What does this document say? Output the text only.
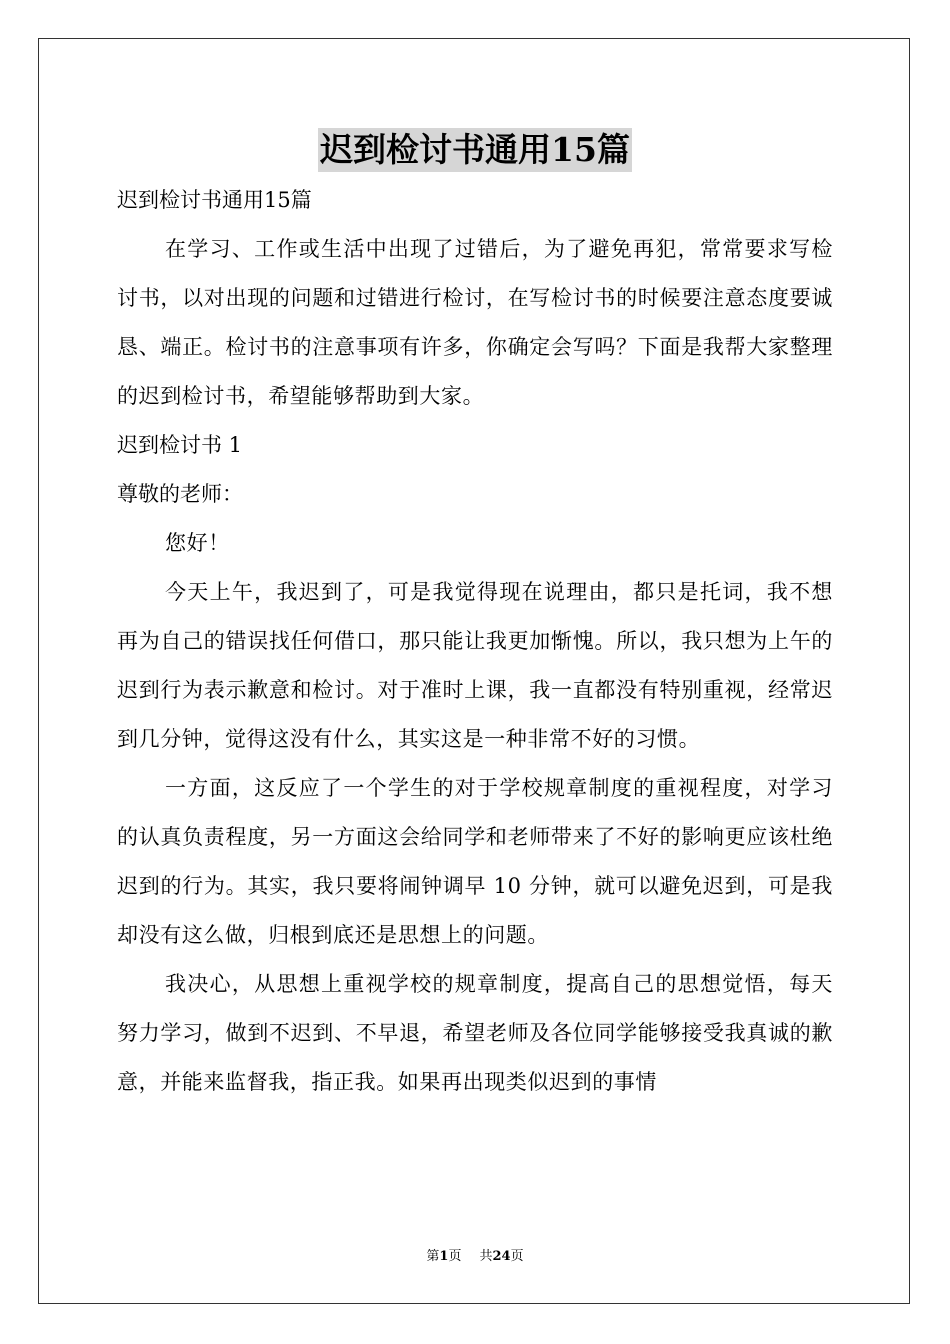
迟到检讨书通用15篇
迟到检讨书通用15篇

在学习、工作或生活中出现了过错后，为了避免再犯，常常要求写检讨书，以对出现的问题和过错进行检讨，在写检讨书的时候要注意态度要诚恳、端正。检讨书的注意事项有许多，你确定会写吗？下面是我帮大家整理的迟到检讨书，希望能够帮助到大家。

迟到检讨书 1
尊敬的老师：

您好！

今天上午，我迟到了，可是我觉得现在说理由，都只是托词，我不想再为自己的错误找任何借口，那只能让我更加惭愧。所以，我只想为上午的迟到行为表示歉意和检讨。对于准时上课，我一直都没有特别重视，经常迟到几分钟，觉得这没有什么，其实这是一种非常不好的习惯。

一方面，这反应了一个学生的对于学校规章制度的重视程度，对学习的认真负责程度，另一方面这会给同学和老师带来了不好的影响更应该杜绝迟到的行为。其实，我只要将闹钟调早 10 分钟，就可以避免迟到，可是我却没有这么做，归根到底还是思想上的问题。

我决心，从思想上重视学校的规章制度，提高自己的思想觉悟，每天努力学习，做到不迟到、不早退，希望老师及各位同学能够接受我真诚的歉意，并能来监督我，指正我。如果再出现类似迟到的事情

第1页 共24页
